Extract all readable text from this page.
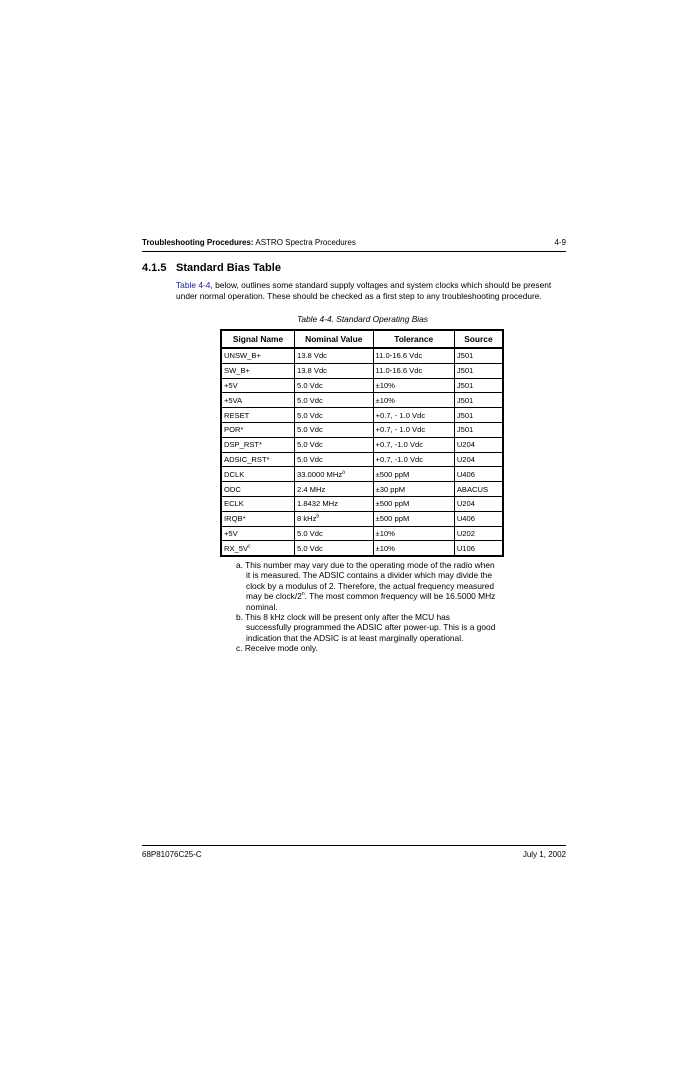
Troubleshooting Procedures: ASTRO Spectra Procedures	4-9
4.1.5 Standard Bias Table
Table 4-4, below, outlines some standard supply voltages and system clocks which should be present under normal operation. These should be checked as a first step to any troubleshooting procedure.
Table 4-4. Standard Operating Bias
Signal Name	Nominal Value	Tolerance	Source
UNSW_B+	13.8 Vdc	11.0-16.6 Vdc	J501
SW_B+	13.8 Vdc	11.0-16.6 Vdc	J501
+5V	5.0 Vdc	±10%	J501
+5VA	5.0 Vdc	±10%	J501
RESET	5.0 Vdc	+0.7, - 1.0 Vdc	J501
POR*	5.0 Vdc	+0.7, - 1.0 Vdc	J501
DSP_RST*	5.0 Vdc	+0.7, -1.0 Vdc	U204
ADSIC_RST*	5.0 Vdc	+0.7, -1.0 Vdc	U204
DCLK	33.0000 MHz$^a$	±500 ppM	U406
ODC	2.4 MHz	±30 ppM	ABACUS
ECLK	1.8432 MHz	±500 ppM	U204
IRQB*	8 kHz$^b$	±500 ppM	U406
+5V	5.0 Vdc	±10%	U202
$RX\_5V^c$	5.0 Vdc	±10%	U106

a. This number may vary due to the operating mode of the radio when it is measured. The ADSIC contains a divider which may divide the clock by a modulus of 2. Therefore, the actual frequency measured may be clock/2$^n$. The most common frequency will be 16.5000 MHz nominal.

b. This 8 kHz clock will be present only after the MCU has successfully programmed the ADSIC after power-up. This is a good indication that the ADSIC is at least marginally operational.

c. Receive mode only.

68P81076C25-C	July 1, 2002
